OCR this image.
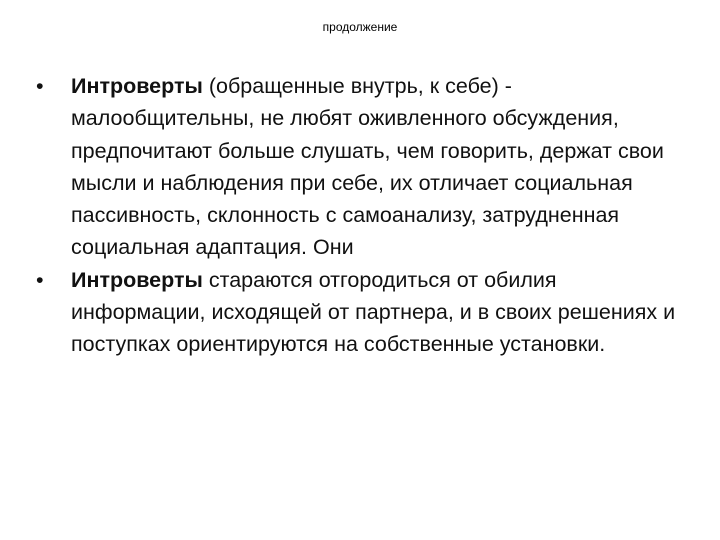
продолжение
•	Интроверты (обращенные внутрь, к себе) - малообщительны, не любят оживленного обсуждения, предпочитают больше слушать, чем говорить, держат свои мысли и наблюдения при себе, их отличает социальная пассивность, склонность с самоанализу, затрудненная социальная адаптация. Они
•	Интроверты стараются отгородиться от обилия информации, исходящей от партнера, и в своих решениях и поступках ориентируются на собственные установки.
